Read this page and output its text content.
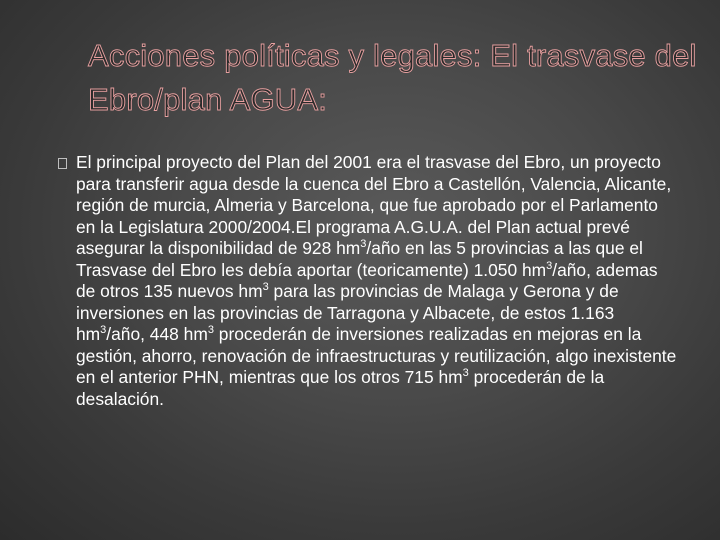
Acciones políticas y legales: El trasvase del Ebro/plan AGUA:
El principal proyecto del Plan del 2001 era el trasvase del Ebro, un proyecto para transferir agua desde la cuenca del Ebro a Castellón, Valencia, Alicante, región de murcia, Almeria y Barcelona, que fue aprobado por el Parlamento en la Legislatura 2000/2004.El programa A.G.U.A. del Plan actual prevé asegurar la disponibilidad de 928 $hm^3$/año en las 5 provincias a las que el Trasvase del Ebro les debía aportar (teoricamente) 1.050 $hm^3$/año, ademas de otros 135 nuevos $hm^3$ para las provincias de Malaga y Gerona y de inversiones en las provincias de Tarragona y Albacete, de estos 1.163 $hm^3$/año, 448 $hm^3$ procederán de inversiones realizadas en mejoras en la gestión, ahorro, renovación de infraestructuras y reutilización, algo inexistente en el anterior PHN, mientras que los otros 715 $hm^3$ procederán de la desalación.
